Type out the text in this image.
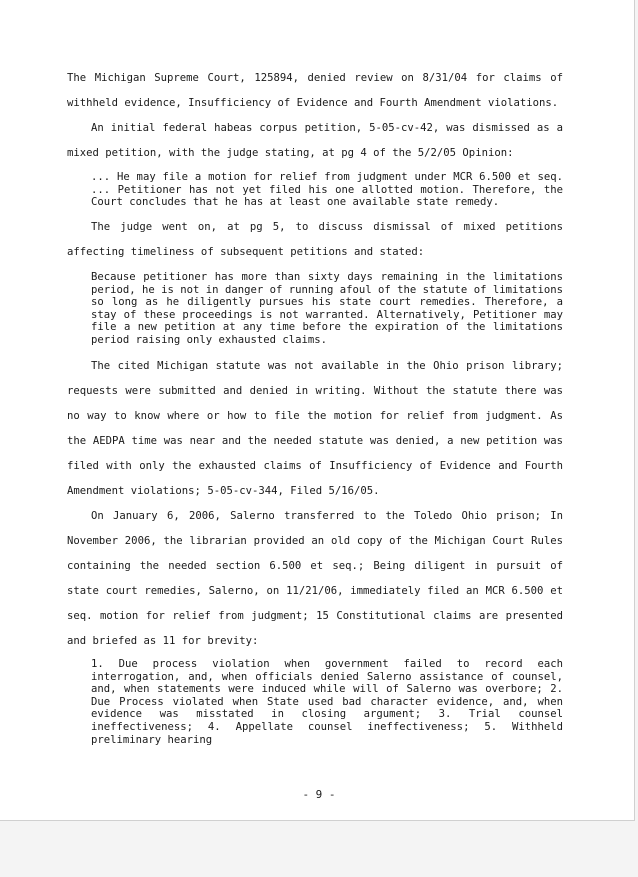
The Michigan Supreme Court, 125894, denied review on 8/31/04 for claims of withheld evidence, Insufficiency of Evidence and Fourth Amendment violations.

An initial federal habeas corpus petition, 5-05-cv-42, was dismissed as a mixed petition, with the judge stating, at pg 4 of the 5/2/05 Opinion:

... He may file a motion for relief from judgment under MCR 6.500 et seq. ... Petitioner has not yet filed his one allotted motion. Therefore, the Court concludes that he has at least one available state remedy.

The judge went on, at pg 5, to discuss dismissal of mixed petitions affecting timeliness of subsequent petitions and stated:

Because petitioner has more than sixty days remaining in the limitations period, he is not in danger of running afoul of the statute of limitations so long as he diligently pursues his state court remedies. Therefore, a stay of these proceedings is not warranted. Alternatively, Petitioner may file a new petition at any time before the expiration of the limitations period raising only exhausted claims.

The cited Michigan statute was not available in the Ohio prison library; requests were submitted and denied in writing. Without the statute there was no way to know where or how to file the motion for relief from judgment. As the AEDPA time was near and the needed statute was denied, a new petition was filed with only the exhausted claims of Insufficiency of Evidence and Fourth Amendment violations; 5-05-cv-344, Filed 5/16/05.

On January 6, 2006, Salerno transferred to the Toledo Ohio prison; In November 2006, the librarian provided an old copy of the Michigan Court Rules containing the needed section 6.500 et seq.; Being diligent in pursuit of state court remedies, Salerno, on 11/21/06, immediately filed an MCR 6.500 et seq. motion for relief from judgment; 15 Constitutional claims are presented and briefed as 11 for brevity:

1. Due process violation when government failed to record each interrogation, and, when officials denied Salerno assistance of counsel, and, when statements were induced while will of Salerno was overbore; 2. Due Process violated when State used bad character evidence, and, when evidence was misstated in closing argument; 3. Trial counsel ineffectiveness; 4. Appellate counsel ineffectiveness; 5. Withheld preliminary hearing

- 9 -
